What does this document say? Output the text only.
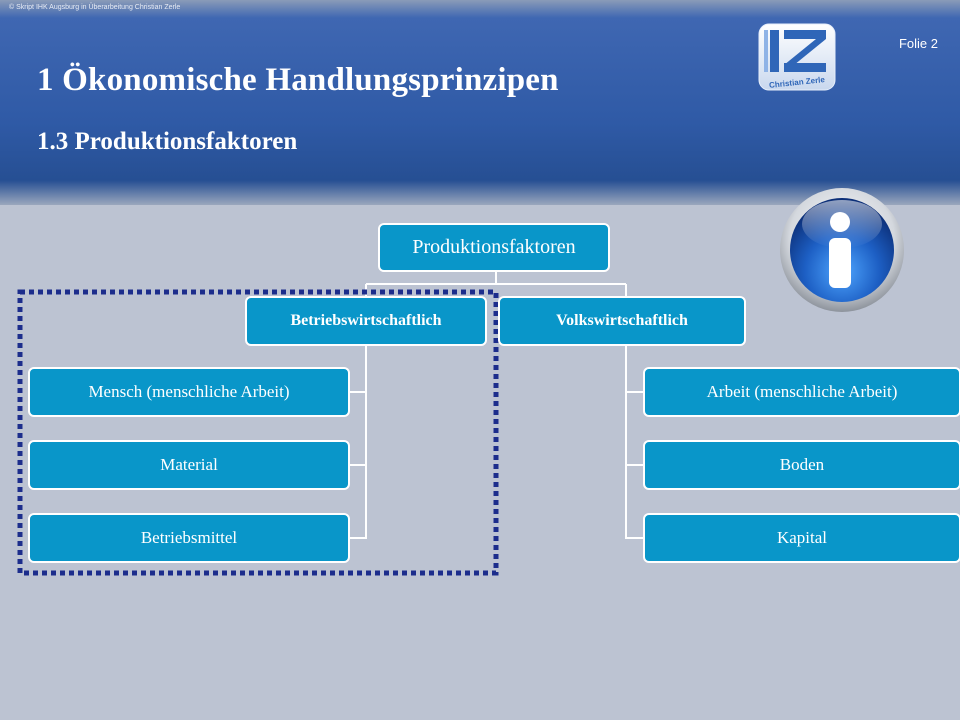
© Skript IHK Augsburg in Überarbeitung Christian Zerle
Folie 2
1 Ökonomische Handlungsprinzipen
1.3 Produktionsfaktoren
Christian Zerle
Produktionsfaktoren
Betriebswirtschaftlich	Volkswirtschaftlich
Mensch (menschliche Arbeit)
Material
Betriebsmittel
Arbeit (menschliche Arbeit)
Boden
Kapital
